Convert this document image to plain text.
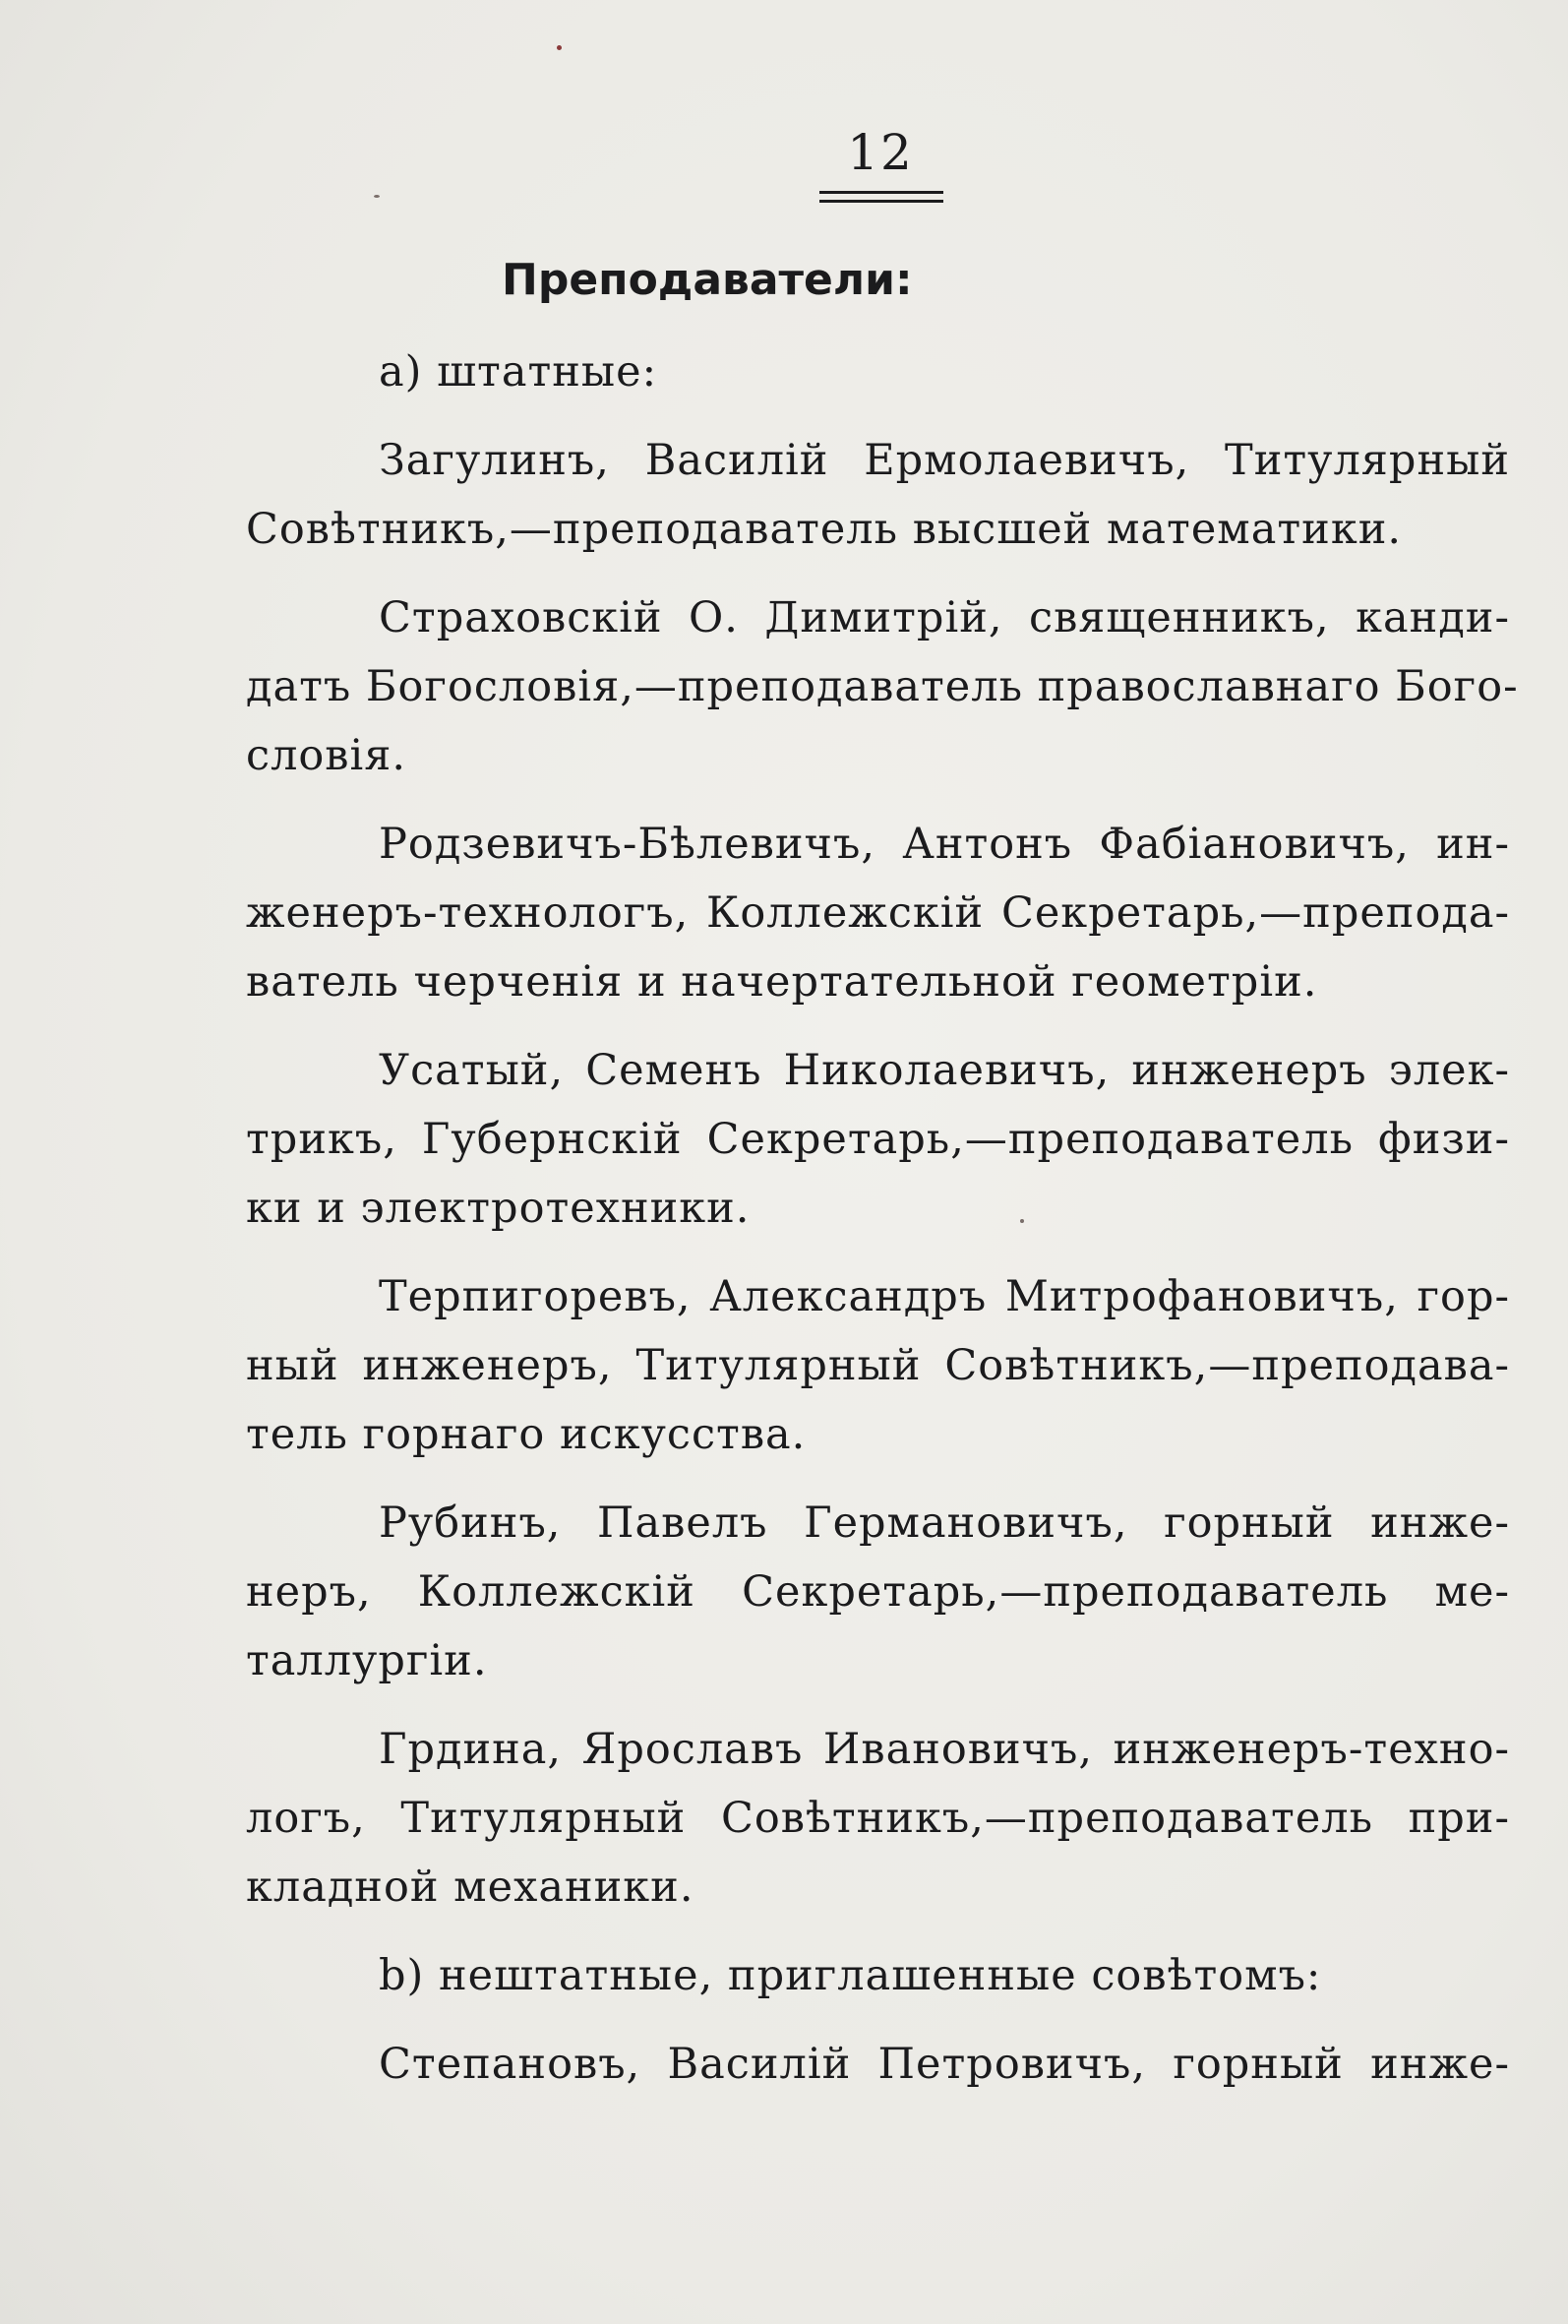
12
Преподаватели:
а) штатные:
Загулинъ, Василій Ермолаевичъ, Титулярный
Совѣтникъ,—преподаватель высшей математики.
Страховскій О. Димитрій, священникъ, канди-
датъ Богословія,—преподаватель православнаго Бого-
словія.
Родзевичъ-Бѣлевичъ, Антонъ Фабіановичъ, ин-
женеръ-технологъ, Коллежскій Секретарь,—препода-
ватель черченія и начертательной геометріи.
Усатый, Семенъ Николаевичъ, инженеръ элек-
трикъ, Губернскій Секретарь,—преподаватель физи-
ки и электротехники.
Терпигоревъ, Александръ Митрофановичъ, гор-
ный инженеръ, Титулярный Совѣтникъ,—преподава-
тель горнаго искусства.
Рубинъ, Павелъ Германовичъ, горный инже-
неръ, Коллежскій Секретарь,—преподаватель ме-
таллургіи.
Грдина, Ярославъ Ивановичъ, инженеръ-техно-
логъ, Титулярный Совѣтникъ,—преподаватель при-
кладной механики.
b) нештатные, приглашенные совѣтомъ:
Степановъ, Василій Петровичъ, горный инже-
